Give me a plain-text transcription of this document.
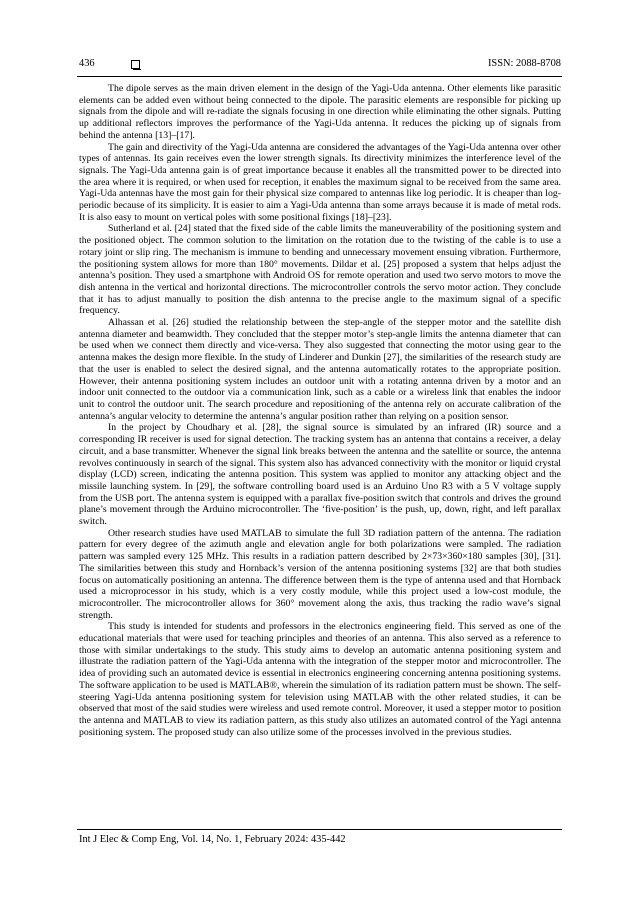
436	ISSN: 2088-8708

The dipole serves as the main driven element in the design of the Yagi-Uda antenna. Other elements like parasitic elements can be added even without being connected to the dipole. The parasitic elements are responsible for picking up signals from the dipole and will re-radiate the signals focusing in one direction while eliminating the other signals. Putting up additional reflectors improves the performance of the Yagi-Uda antenna. It reduces the picking up of signals from behind the antenna [13]–[17].

The gain and directivity of the Yagi-Uda antenna are considered the advantages of the Yagi-Uda antenna over other types of antennas. Its gain receives even the lower strength signals. Its directivity minimizes the interference level of the signals. The Yagi-Uda antenna gain is of great importance because it enables all the transmitted power to be directed into the area where it is required, or when used for reception, it enables the maximum signal to be received from the same area. Yagi-Uda antennas have the most gain for their physical size compared to antennas like log periodic. It is cheaper than log-periodic because of its simplicity. It is easier to aim a Yagi-Uda antenna than some arrays because it is made of metal rods. It is also easy to mount on vertical poles with some positional fixings [18]–[23].

Sutherland et al. [24] stated that the fixed side of the cable limits the maneuverability of the positioning system and the positioned object. The common solution to the limitation on the rotation due to the twisting of the cable is to use a rotary joint or slip ring. The mechanism is immune to bending and unnecessary movement ensuing vibration. Furthermore, the positioning system allows for more than 180° movements. Dildar et al. [25] proposed a system that helps adjust the antenna’s position. They used a smartphone with Android OS for remote operation and used two servo motors to move the dish antenna in the vertical and horizontal directions. The microcontroller controls the servo motor action. They conclude that it has to adjust manually to position the dish antenna to the precise angle to the maximum signal of a specific frequency.

Alhassan et al. [26] studied the relationship between the step-angle of the stepper motor and the satellite dish antenna diameter and beamwidth. They concluded that the stepper motor’s step-angle limits the antenna diameter that can be used when we connect them directly and vice-versa. They also suggested that connecting the motor using gear to the antenna makes the design more flexible. In the study of Linderer and Dunkin [27], the similarities of the research study are that the user is enabled to select the desired signal, and the antenna automatically rotates to the appropriate position. However, their antenna positioning system includes an outdoor unit with a rotating antenna driven by a motor and an indoor unit connected to the outdoor via a communication link, such as a cable or a wireless link that enables the indoor unit to control the outdoor unit. The search procedure and repositioning of the antenna rely on accurate calibration of the antenna’s angular velocity to determine the antenna’s angular position rather than relying on a position sensor.

In the project by Choudhary et al. [28], the signal source is simulated by an infrared (IR) source and a corresponding IR receiver is used for signal detection. The tracking system has an antenna that contains a receiver, a delay circuit, and a base transmitter. Whenever the signal link breaks between the antenna and the satellite or source, the antenna revolves continuously in search of the signal. This system also has advanced connectivity with the monitor or liquid crystal display (LCD) screen, indicating the antenna position. This system was applied to monitor any attacking object and the missile launching system. In [29], the software controlling board used is an Arduino Uno R3 with a 5 V voltage supply from the USB port. The antenna system is equipped with a parallax five-position switch that controls and drives the ground plane’s movement through the Arduino microcontroller. The ‘five-position’ is the push, up, down, right, and left parallax switch.

Other research studies have used MATLAB to simulate the full 3D radiation pattern of the antenna. The radiation pattern for every degree of the azimuth angle and elevation angle for both polarizations were sampled. The radiation pattern was sampled every 125 MHz. This results in a radiation pattern described by 2×73×360×180 samples [30], [31]. The similarities between this study and Hornback’s version of the antenna positioning systems [32] are that both studies focus on automatically positioning an antenna. The difference between them is the type of antenna used and that Hornback used a microprocessor in his study, which is a very costly module, while this project used a low-cost module, the microcontroller. The microcontroller allows for 360° movement along the axis, thus tracking the radio wave’s signal strength.

This study is intended for students and professors in the electronics engineering field. This served as one of the educational materials that were used for teaching principles and theories of an antenna. This also served as a reference to those with similar undertakings to the study. This study aims to develop an automatic antenna positioning system and illustrate the radiation pattern of the Yagi-Uda antenna with the integration of the stepper motor and microcontroller. The idea of providing such an automated device is essential in electronics engineering concerning antenna positioning systems. The software application to be used is MATLAB®, wherein the simulation of its radiation pattern must be shown. The self-steering Yagi-Uda antenna positioning system for television using MATLAB with the other related studies, it can be observed that most of the said studies were wireless and used remote control. Moreover, it used a stepper motor to position the antenna and MATLAB to view its radiation pattern, as this study also utilizes an automated control of the Yagi antenna positioning system. The proposed study can also utilize some of the processes involved in the previous studies.

Int J Elec & Comp Eng, Vol. 14, No. 1, February 2024: 435-442
